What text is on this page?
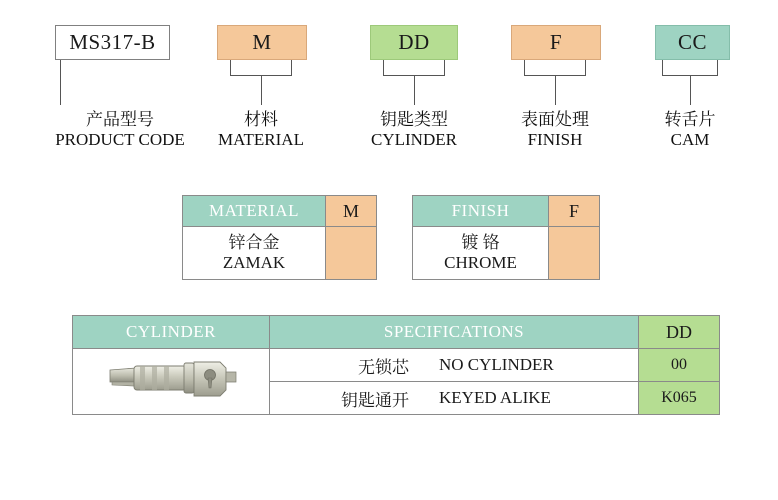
MS317-B	M	DD	F	CC
产品型号
PRODUCT CODE
材料
MATERIAL
钥匙类型
CYLINDER
表面处理
FINISH
转舌片
CAM
MATERIAL	M

锌合金
ZAMAK	

FINISH	F

镀 铬
CHROME	

CYLINDER	SPECIFICATIONS	DD

无锁芯 NO CYLINDER	00

	钥匙通开 KEYED ALIKE	K065
